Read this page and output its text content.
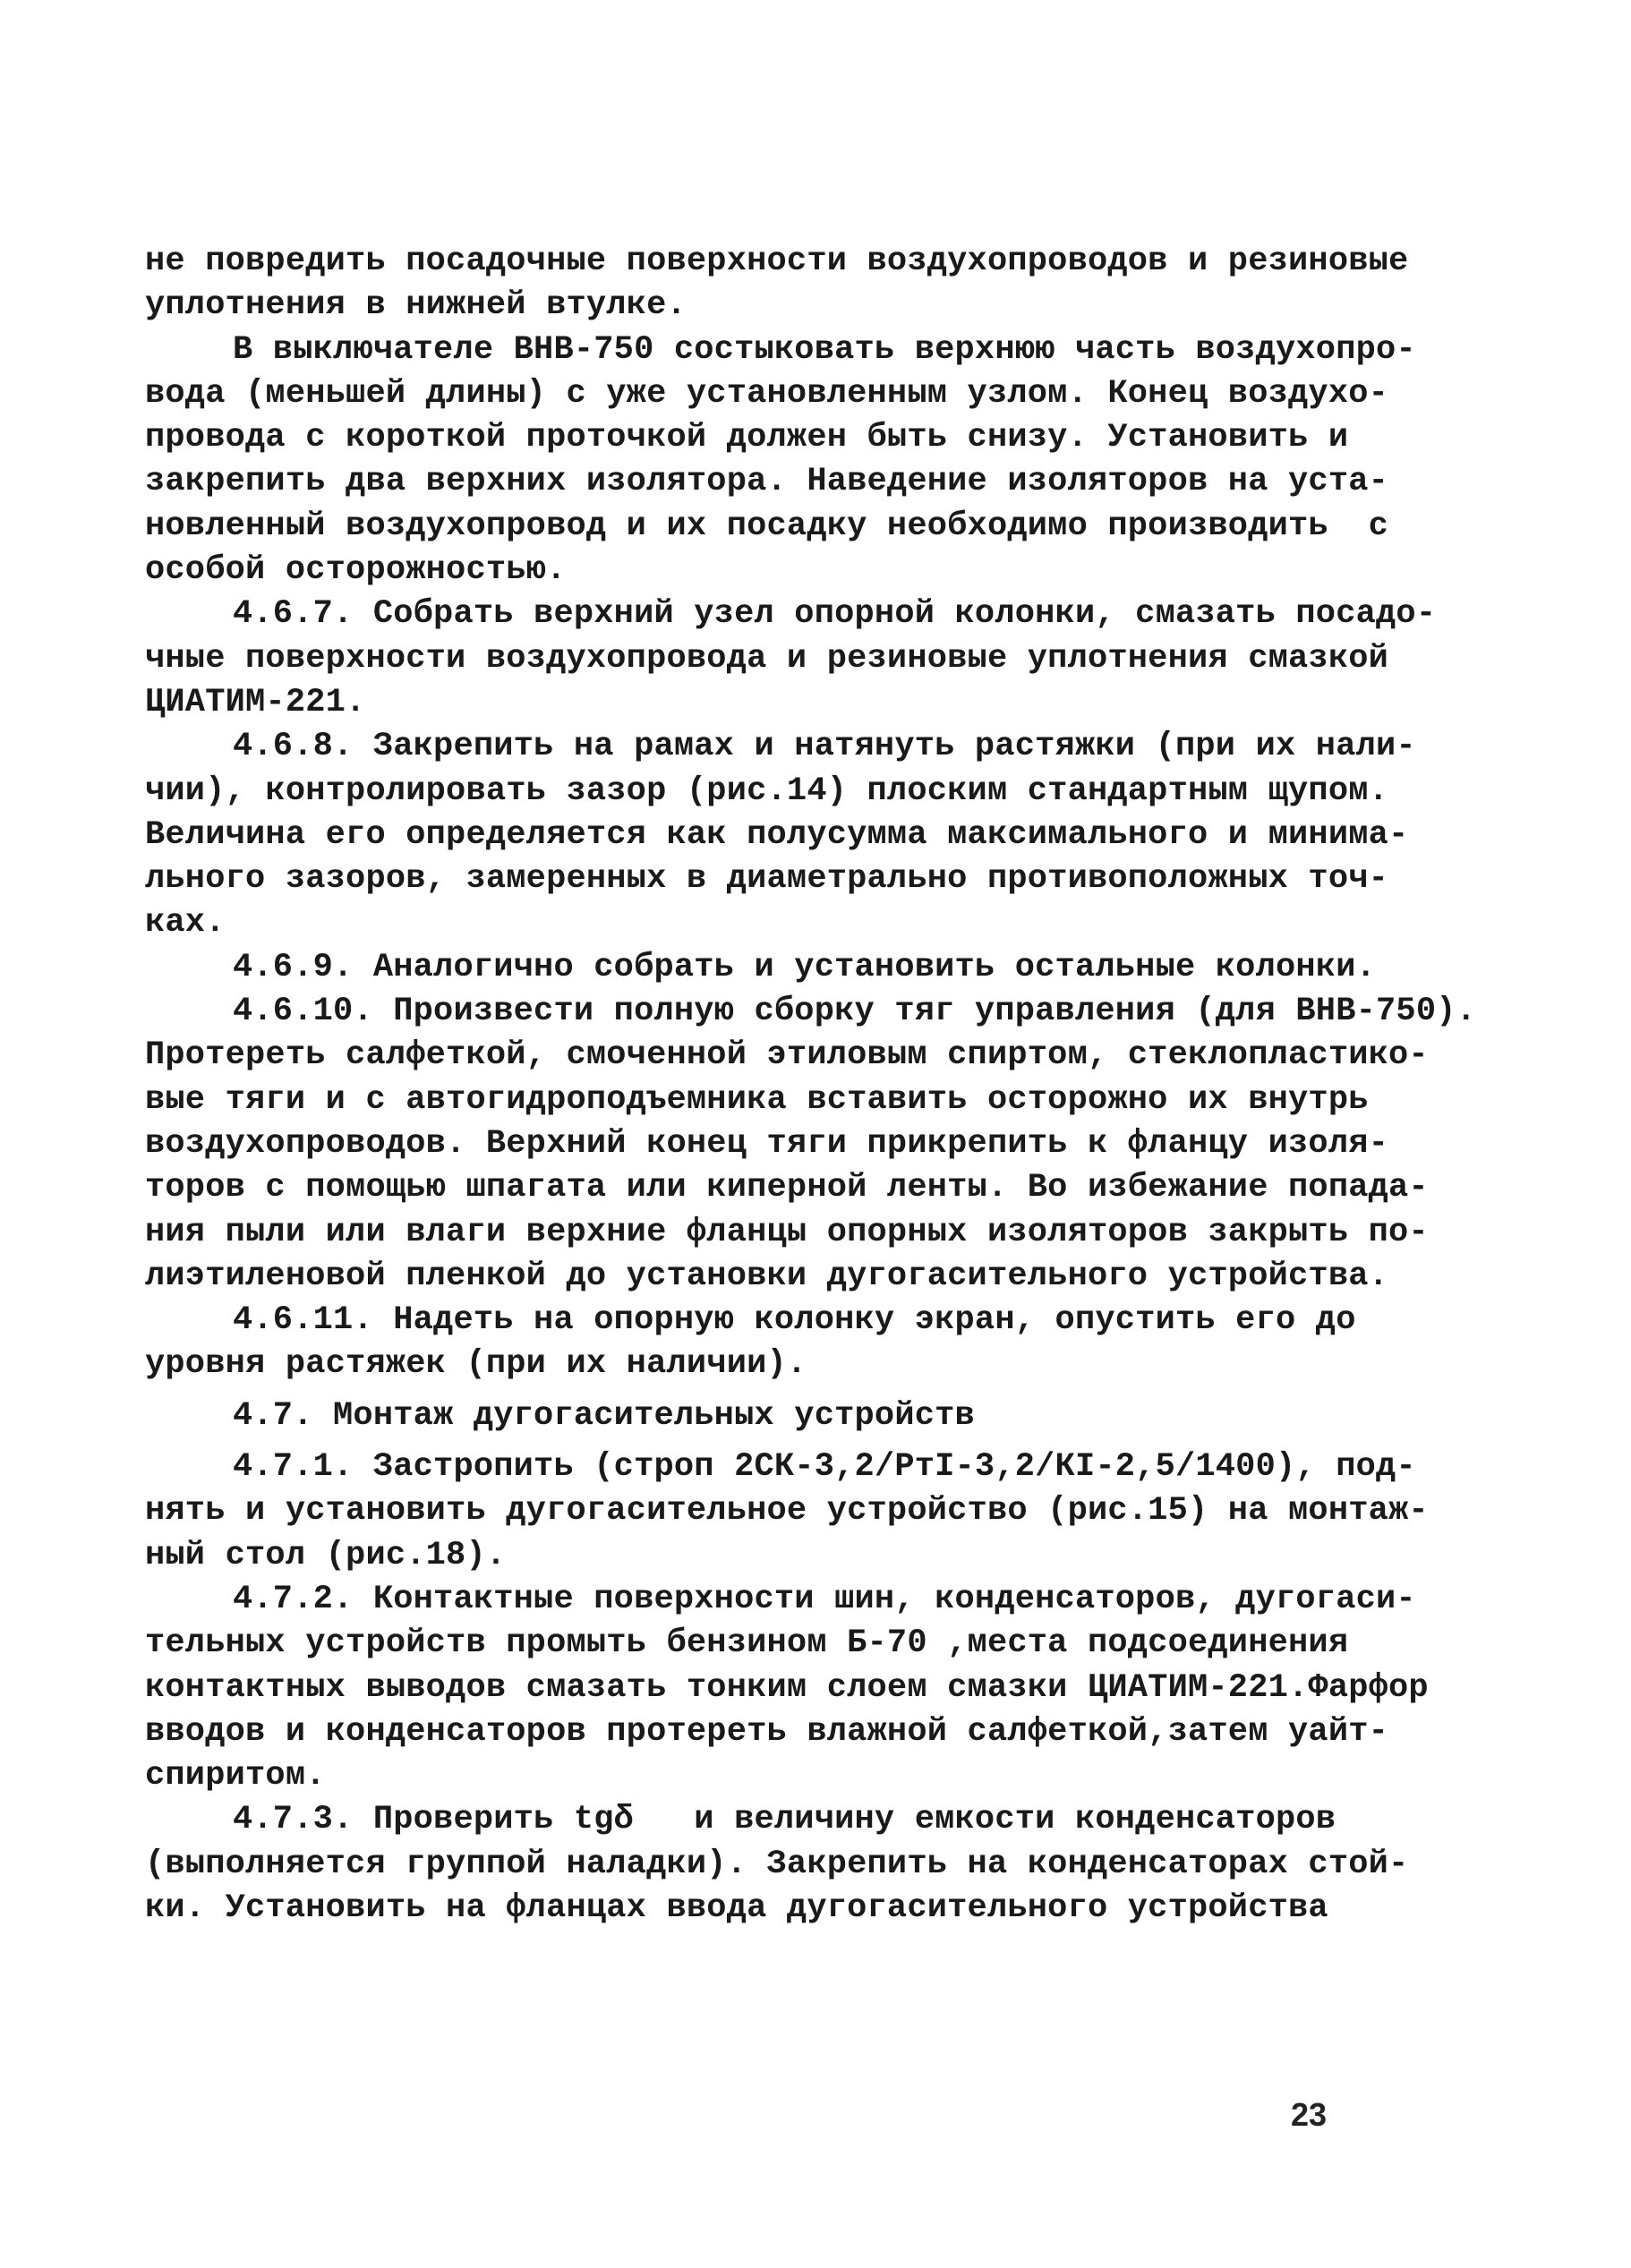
не повредить посадочные поверхности воздухопроводов и резиновые
уплотнения в нижней втулке.
В выключателе ВНВ-750 состыковать верхнюю часть воздухопро-
вода (меньшей длины) с уже установленным узлом. Конец воздухо-
провода с короткой проточкой должен быть снизу. Установить и
закрепить два верхних изолятора. Наведение изоляторов на уста-
новленный воздухопровод и их посадку необходимо производить  с
особой осторожностью.
4.6.7. Собрать верхний узел опорной колонки, смазать посадо-
чные поверхности воздухопровода и резиновые уплотнения смазкой
ЦИАТИМ-221.
4.6.8. Закрепить на рамах и натянуть растяжки (при их нали-
чии), контролировать зазор (рис.14) плоским стандартным щупом.
Величина его определяется как полусумма максимального и минима-
льного зазоров, замеренных в диаметрально противоположных точ-
ках.
4.6.9. Аналогично собрать и установить остальные колонки.
4.6.10. Произвести полную сборку тяг управления (для ВНВ-750).
Протереть салфеткой, смоченной этиловым спиртом, стеклопластико-
вые тяги и с автогидроподъемника вставить осторожно их внутрь
воздухопроводов. Верхний конец тяги прикрепить к фланцу изоля-
торов с помощью шпагата или киперной ленты. Во избежание попада-
ния пыли или влаги верхние фланцы опорных изоляторов закрыть по-
лиэтиленовой пленкой до установки дугогасительного устройства.
4.6.11. Надеть на опорную колонку экран, опустить его до
уровня растяжек (при их наличии).
4.7. Монтаж дугогасительных устройств
4.7.1. Застропить (строп 2СК-3,2/РтI-3,2/КI-2,5/1400), под-
нять и установить дугогасительное устройство (рис.15) на монтаж-
ный стол (рис.18).
4.7.2. Контактные поверхности шин, конденсаторов, дугогаси-
тельных устройств промыть бензином Б-70 ,места подсоединения
контактных выводов смазать тонким слоем смазки ЦИАТИМ-221.Фарфор
вводов и конденсаторов протереть влажной салфеткой,затем уайт-
спиритом.
4.7.3. Проверить tgδ   и величину емкости конденсаторов
(выполняется группой наладки). Закрепить на конденсаторах стой-
ки. Установить на фланцах ввода дугогасительного устройства
23
